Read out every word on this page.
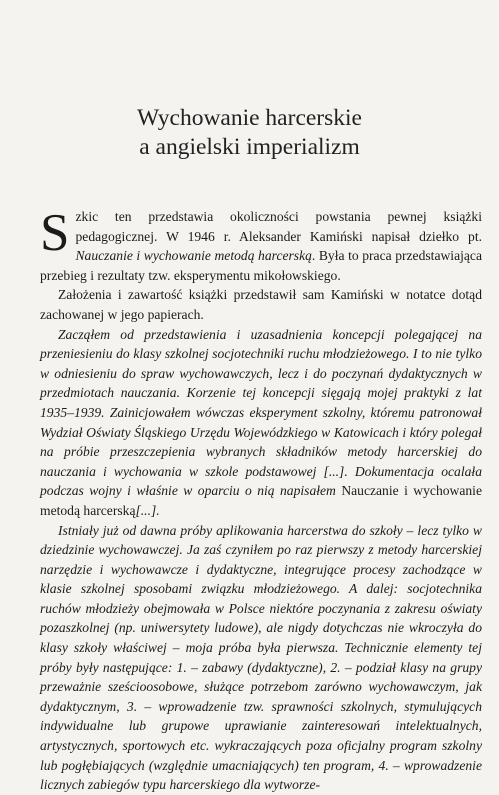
Wychowanie harcerskie
a angielski imperializm

Szkic ten przedstawia okoliczności powstania pewnej książki pedagogicznej. W 1946 r. Aleksander Kamiński napisał dziełko pt. Nauczanie i wychowanie metodą harcerską. Była to praca przedstawiająca przebieg i rezultaty tzw. eksperymentu mikołowskiego.

Założenia i zawartość książki przedstawił sam Kamiński w notatce dotąd zachowanej w jego papierach.

Zacząłem od przedstawienia i uzasadnienia koncepcji polegającej na przeniesieniu do klasy szkolnej socjotechniki ruchu młodzieżowego. I to nie tylko w odniesieniu do spraw wychowawczych, lecz i do poczynań dydaktycznych w przedmiotach nauczania. Korzenie tej koncepcji sięgają mojej praktyki z lat 1935–1939. Zainicjowałem wówczas eksperyment szkolny, któremu patronował Wydział Oświaty Śląskiego Urzędu Wojewódzkiego w Katowicach i który polegał na próbie przeszczepienia wybranych składników metody harcerskiej do nauczania i wychowania w szkole podstawowej [...]. Dokumentacja ocalała podczas wojny i właśnie w oparciu o nią napisałem Nauczanie i wychowanie metodą harcerską[...].

Istniały już od dawna próby aplikowania harcerstwa do szkoły – lecz tylko w dziedzinie wychowawczej. Ja zaś czyniłem po raz pierwszy z metody harcerskiej narzędzie i wychowawcze i dydaktyczne, integrujące procesy zachodzące w klasie szkolnej sposobami związku młodzieżowego. A dalej: socjotechnika ruchów młodzieży obejmowała w Polsce niektóre poczynania z zakresu oświaty pozaszkolnej (np. uniwersytety ludowe), ale nigdy dotychczas nie wkroczyła do klasy szkoły właściwej – moja próba była pierwsza. Technicznie elementy tej próby były następujące: 1. – zabawy (dydaktyczne), 2. – podział klasy na grupy przeważnie sześcioosobowe, służące potrzebom zarówno wychowawczym, jak dydaktycznym, 3. – wprowadzenie tzw. sprawności szkolnych, stymulujących indywidualne lub grupowe uprawianie zainteresowań intelektualnych, artystycznych, sportowych etc. wykraczających poza oficjalny program szkolny lub pogłębiających (względnie umacniających) ten program, 4. – wprowadzenie licznych zabiegów typu harcerskiego dla wytworze-
